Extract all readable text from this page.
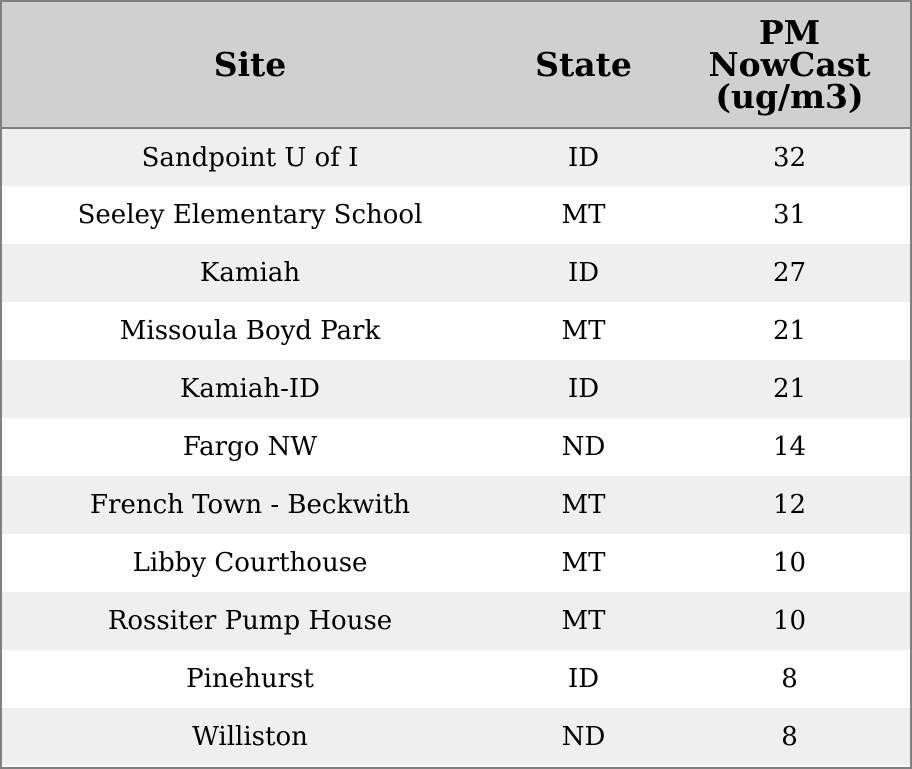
Site	State	PM
NowCast
(ug/m3)

Sandpoint U of I	ID	32
Seeley Elementary School	MT	31
Kamiah	ID	27
Missoula Boyd Park	MT	21
Kamiah-ID	ID	21
Fargo NW	ND	14
French Town - Beckwith	MT	12
Libby Courthouse	MT	10
Rossiter Pump House	MT	10
Pinehurst	ID	8
Williston	ND	8
